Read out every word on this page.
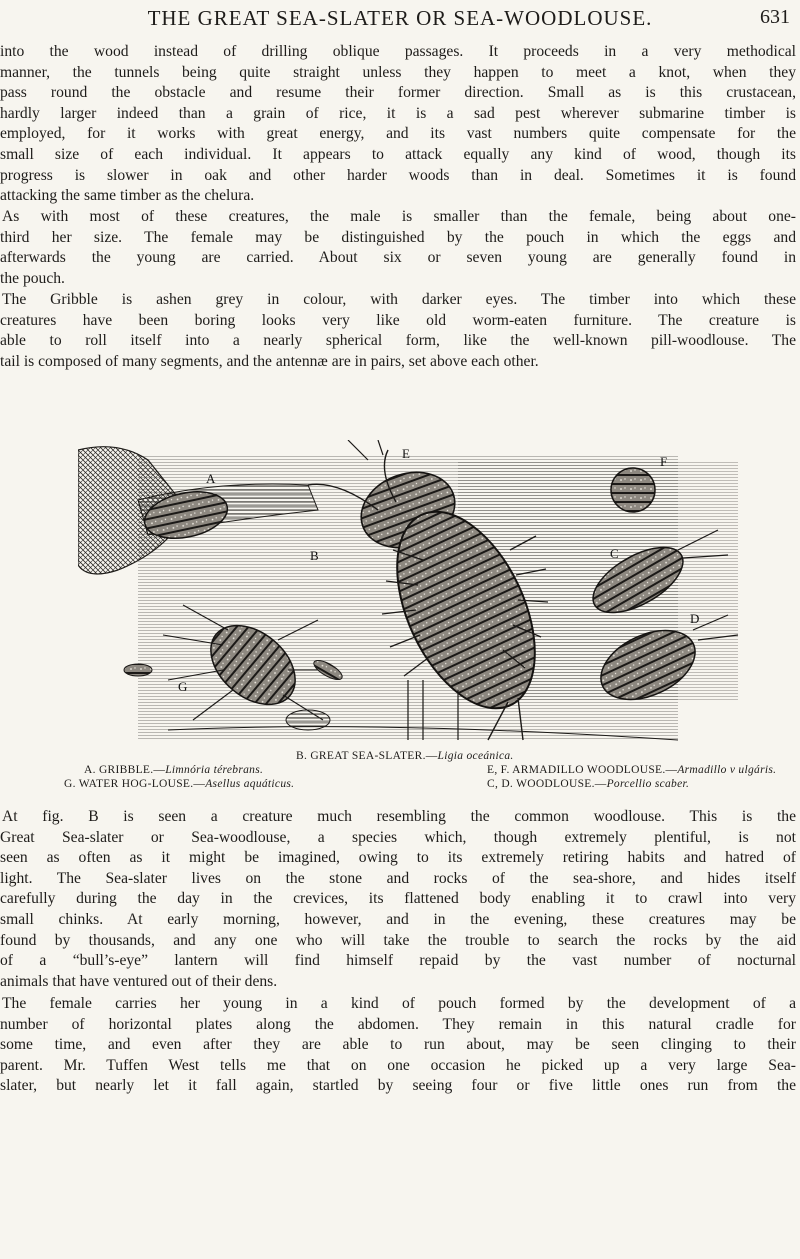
THE GREAT SEA-SLATER OR SEA-WOODLOUSE.	631

into the wood instead of drilling oblique passages. It proceeds in a very methodical
manner, the tunnels being quite straight unless they happen to meet a knot, when they
pass round the obstacle and resume their former direction. Small as is this crustacean,
hardly larger indeed than a grain of rice, it is a sad pest wherever submarine timber is
employed, for it works with great energy, and its vast numbers quite compensate for the
small size of each individual. It appears to attack equally any kind of wood, though its
progress is slower in oak and other harder woods than in deal. Sometimes it is found
attacking the same timber as the chelura.

As with most of these creatures, the male is smaller than the female, being about one-
third her size. The female may be distinguished by the pouch in which the eggs and
afterwards the young are carried. About six or seven young are generally found in
the pouch.

The Gribble is ashen grey in colour, with darker eyes. The timber into which these
creatures have been boring looks very like old worm-eaten furniture. The creature is
able to roll itself into a nearly spherical form, like the well-known pill-woodlouse. The
tail is composed of many segments, and the antennæ are in pairs, set above each other.

A
B	C
D
E
F
G
B. GREAT SEA-SLATER.—Ligia oceánica.
A. GRIBBLE.—Limnória térebrans.	E, F. ARMADILLO WOODLOUSE.—Armadillo v ulgáris.
G. WATER HOG-LOUSE.—Asellus aquáticus.	C, D. WOODLOUSE.—Porcellio scaber.

At fig. B is seen a creature much resembling the common woodlouse. This is the
Great Sea-slater or Sea-woodlouse, a species which, though extremely plentiful, is not
seen as often as it might be imagined, owing to its extremely retiring habits and hatred of
light. The Sea-slater lives on the stone and rocks of the sea-shore, and hides itself
carefully during the day in the crevices, its flattened body enabling it to crawl into very
small chinks. At early morning, however, and in the evening, these creatures may be
found by thousands, and any one who will take the trouble to search the rocks by the aid
of a “bull’s-eye” lantern will find himself repaid by the vast number of nocturnal
animals that have ventured out of their dens.

The female carries her young in a kind of pouch formed by the development of a
number of horizontal plates along the abdomen. They remain in this natural cradle for
some time, and even after they are able to run about, may be seen clinging to their
parent. Mr. Tuffen West tells me that on one occasion he picked up a very large Sea-
slater, but nearly let it fall again, startled by seeing four or five little ones run from the
